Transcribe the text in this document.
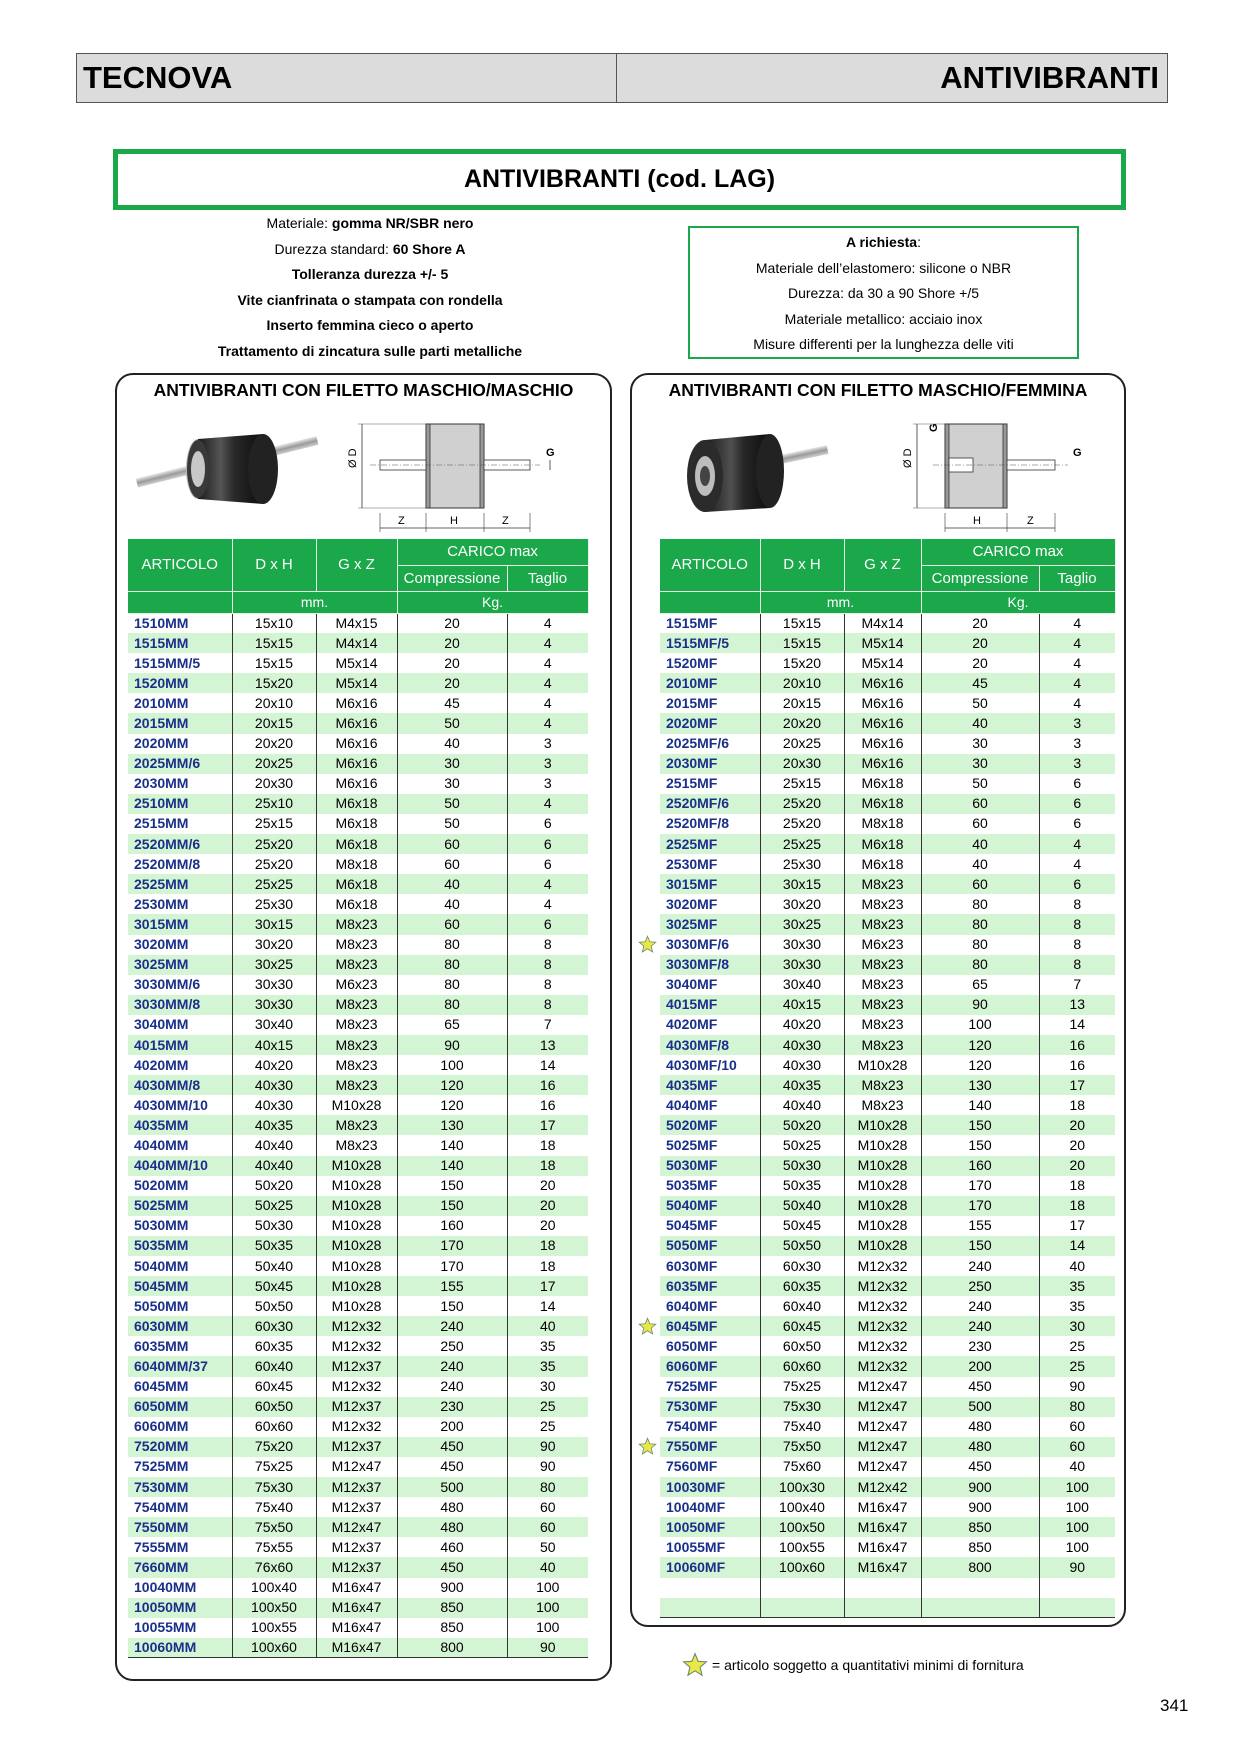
TECNOVA	ANTIVIBRANTI
ANTIVIBRANTI (cod. LAG)
Materiale: gomma NR/SBR nero
Durezza standard: 60 Shore A
Tolleranza durezza +/- 5
Vite cianfrinata o stampata con rondella
Inserto femmina cieco o aperto
Trattamento di zincatura sulle parti metalliche
A richiesta:
Materiale dell’elastomero: silicone o NBR
Durezza: da 30 a 90 Shore +/5
Materiale metallico: acciaio inox
Misure differenti per la lunghezza delle viti
ANTIVIBRANTI CON FILETTO MASCHIO/MASCHIO
Ø D	G
Z	H	Z
ARTICOLO	D x H	G x Z	CARICO max	
			Compressione	Taglio
	mm.		Kg.	
1510MM	15x10	M4x15	20	4
1515MM	15x15	M4x14	20	4
1515MM/5	15x15	M5x14	20	4
1520MM	15x20	M5x14	20	4
2010MM	20x10	M6x16	45	4
2015MM	20x15	M6x16	50	4
2020MM	20x20	M6x16	40	3
2025MM/6	20x25	M6x16	30	3
2030MM	20x30	M6x16	30	3
2510MM	25x10	M6x18	50	4
2515MM	25x15	M6x18	50	6
2520MM/6	25x20	M6x18	60	6
2520MM/8	25x20	M8x18	60	6
2525MM	25x25	M6x18	40	4
2530MM	25x30	M6x18	40	4
3015MM	30x15	M8x23	60	6
3020MM	30x20	M8x23	80	8
3025MM	30x25	M8x23	80	8
3030MM/6	30x30	M6x23	80	8
3030MM/8	30x30	M8x23	80	8
3040MM	30x40	M8x23	65	7
4015MM	40x15	M8x23	90	13
4020MM	40x20	M8x23	100	14
4030MM/8	40x30	M8x23	120	16
4030MM/10	40x30	M10x28	120	16
4035MM	40x35	M8x23	130	17
4040MM	40x40	M8x23	140	18
4040MM/10	40x40	M10x28	140	18
5020MM	50x20	M10x28	150	20
5025MM	50x25	M10x28	150	20
5030MM	50x30	M10x28	160	20
5035MM	50x35	M10x28	170	18
5040MM	50x40	M10x28	170	18
5045MM	50x45	M10x28	155	17
5050MM	50x50	M10x28	150	14
6030MM	60x30	M12x32	240	40
6035MM	60x35	M12x32	250	35
6040MM/37	60x40	M12x37	240	35
6045MM	60x45	M12x32	240	30
6050MM	60x50	M12x37	230	25
6060MM	60x60	M12x32	200	25
7520MM	75x20	M12x37	450	90
7525MM	75x25	M12x47	450	90
7530MM	75x30	M12x37	500	80
7540MM	75x40	M12x37	480	60
7550MM	75x50	M12x47	480	60
7555MM	75x55	M12x37	460	50
7660MM	76x60	M12x37	450	40
10040MM	100x40	M16x47	900	100
10050MM	100x50	M16x47	850	100
10055MM	100x55	M16x47	850	100
10060MM	100x60	M16x47	800	90
ANTIVIBRANTI CON FILETTO MASCHIO/FEMMINA
Ø D
G
G
H	Z
ARTICOLO	D x H	G x Z	CARICO max	
			Compressione	Taglio
	mm.		Kg.	
1515MF	15x15	M4x14	20	4
1515MF/5	15x15	M5x14	20	4
1520MF	15x20	M5x14	20	4
2010MF	20x10	M6x16	45	4
2015MF	20x15	M6x16	50	4
2020MF	20x20	M6x16	40	3
2025MF/6	20x25	M6x16	30	3
2030MF	20x30	M6x16	30	3
2515MF	25x15	M6x18	50	6
2520MF/6	25x20	M6x18	60	6
2520MF/8	25x20	M8x18	60	6
2525MF	25x25	M6x18	40	4
2530MF	25x30	M6x18	40	4
3015MF	30x15	M8x23	60	6
3020MF	30x20	M8x23	80	8
3025MF	30x25	M8x23	80	8
3030MF/6	30x30	M6x23	80	8
3030MF/8	30x30	M8x23	80	8
3040MF	30x40	M8x23	65	7
4015MF	40x15	M8x23	90	13
4020MF	40x20	M8x23	100	14
4030MF/8	40x30	M8x23	120	16
4030MF/10	40x30	M10x28	120	16
4035MF	40x35	M8x23	130	17
4040MF	40x40	M8x23	140	18
5020MF	50x20	M10x28	150	20
5025MF	50x25	M10x28	150	20
5030MF	50x30	M10x28	160	20
5035MF	50x35	M10x28	170	18
5040MF	50x40	M10x28	170	18
5045MF	50x45	M10x28	155	17
5050MF	50x50	M10x28	150	14
6030MF	60x30	M12x32	240	40
6035MF	60x35	M12x32	250	35
6040MF	60x40	M12x32	240	35
6045MF	60x45	M12x32	240	30
6050MF	60x50	M12x32	230	25
6060MF	60x60	M12x32	200	25
7525MF	75x25	M12x47	450	90
7530MF	75x30	M12x47	500	80
7540MF	75x40	M12x47	480	60
7550MF	75x50	M12x47	480	60
7560MF	75x60	M12x47	450	40
10030MF	100x30	M12x42	900	100
10040MF	100x40	M16x47	900	100
10050MF	100x50	M16x47	850	100
10055MF	100x55	M16x47	850	100
10060MF	100x60	M16x47	800	90

= articolo soggetto a quantitativi minimi di fornitura
341
